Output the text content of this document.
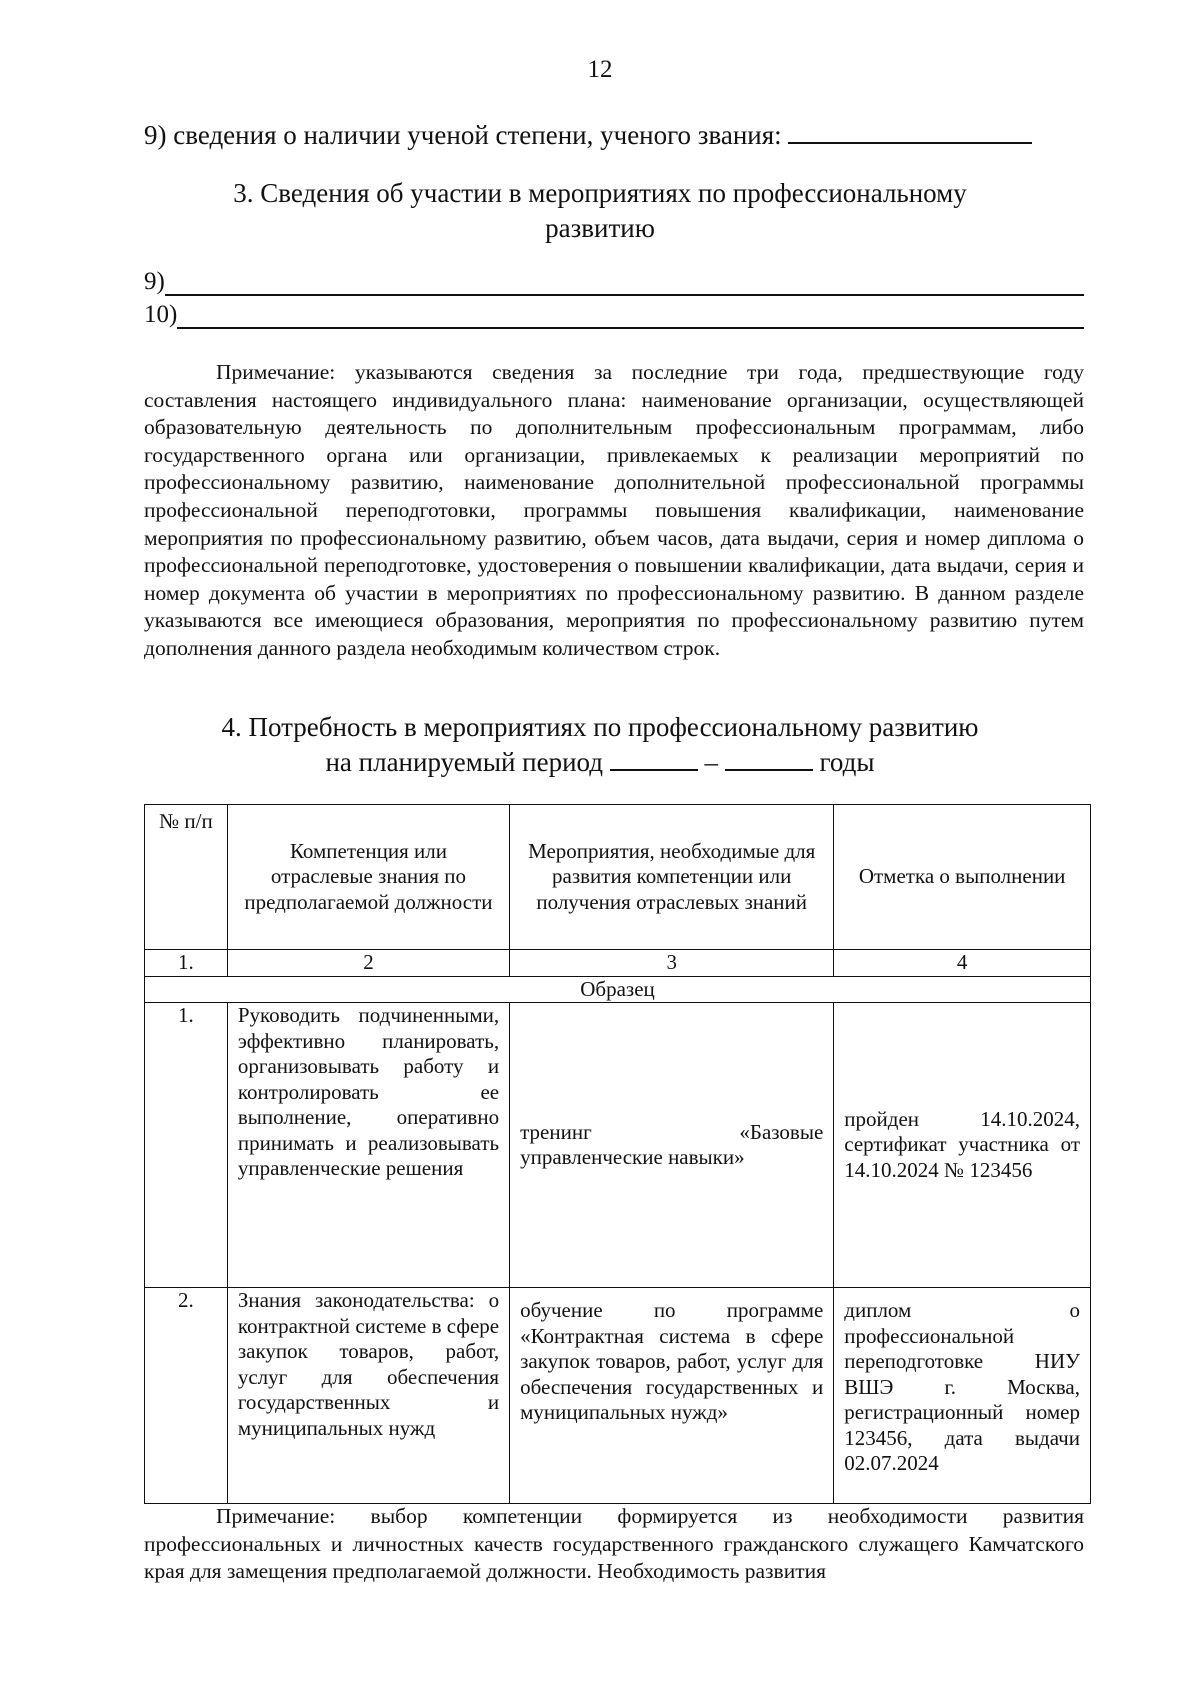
12
9) сведения о наличии ученой степени, ученого звания:
3. Сведения об участии в мероприятиях по профессиональному
развитию
9)
10)

Примечание: указываются сведения за последние три года, предшествующие году составления настоящего индивидуального плана: наименование организации, осуществляющей образовательную деятельность по дополнительным профессиональным программам, либо государственного органа или организации, привлекаемых к реализации мероприятий по профессиональному развитию, наименование дополнительной профессиональной программы профессиональной переподготовки, программы повышения квалификации, наименование мероприятия по профессиональному развитию, объем часов, дата выдачи, серия и номер диплома о профессиональной переподготовке, удостоверения о повышении квалификации, дата выдачи, серия и номер документа об участии в мероприятиях по профессиональному развитию. В данном разделе указываются все имеющиеся образования, мероприятия по профессиональному развитию путем дополнения данного раздела необходимым количеством строк.

4. Потребность в мероприятиях по профессиональному развитию
на планируемый период	–	годы
№ п/п	Компетенция или отраслевые знания по предполагаемой должности	Мероприятия, необходимые для развития компетенции или получения отраслевых знаний	Отметка о выполнении
1.	2	3	4
Образец			
1.	Руководить подчиненными, эффективно планировать, организовывать работу и контролировать ее выполнение, оперативно принимать и реализовывать управленческие решения	тренинг «Базовые управленческие навыки»	пройден 14.10.2024, сертификат участника от 14.10.2024 № 123456
2.	Знания законодательства: о контрактной системе в сфере закупок товаров, работ, услуг для обеспечения государственных и муниципальных нужд	обучение по программе «Контрактная система в сфере закупок товаров, работ, услуг для обеспечения государственных и муниципальных нужд»	диплом о профессиональной переподготовке НИУ ВШЭ г. Москва, регистрационный номер 123456, дата выдачи 02.07.2024

Примечание: выбор компетенции формируется из необходимости развития профессиональных и личностных качеств государственного гражданского служащего Камчатского края для замещения предполагаемой должности. Необходимость развития
